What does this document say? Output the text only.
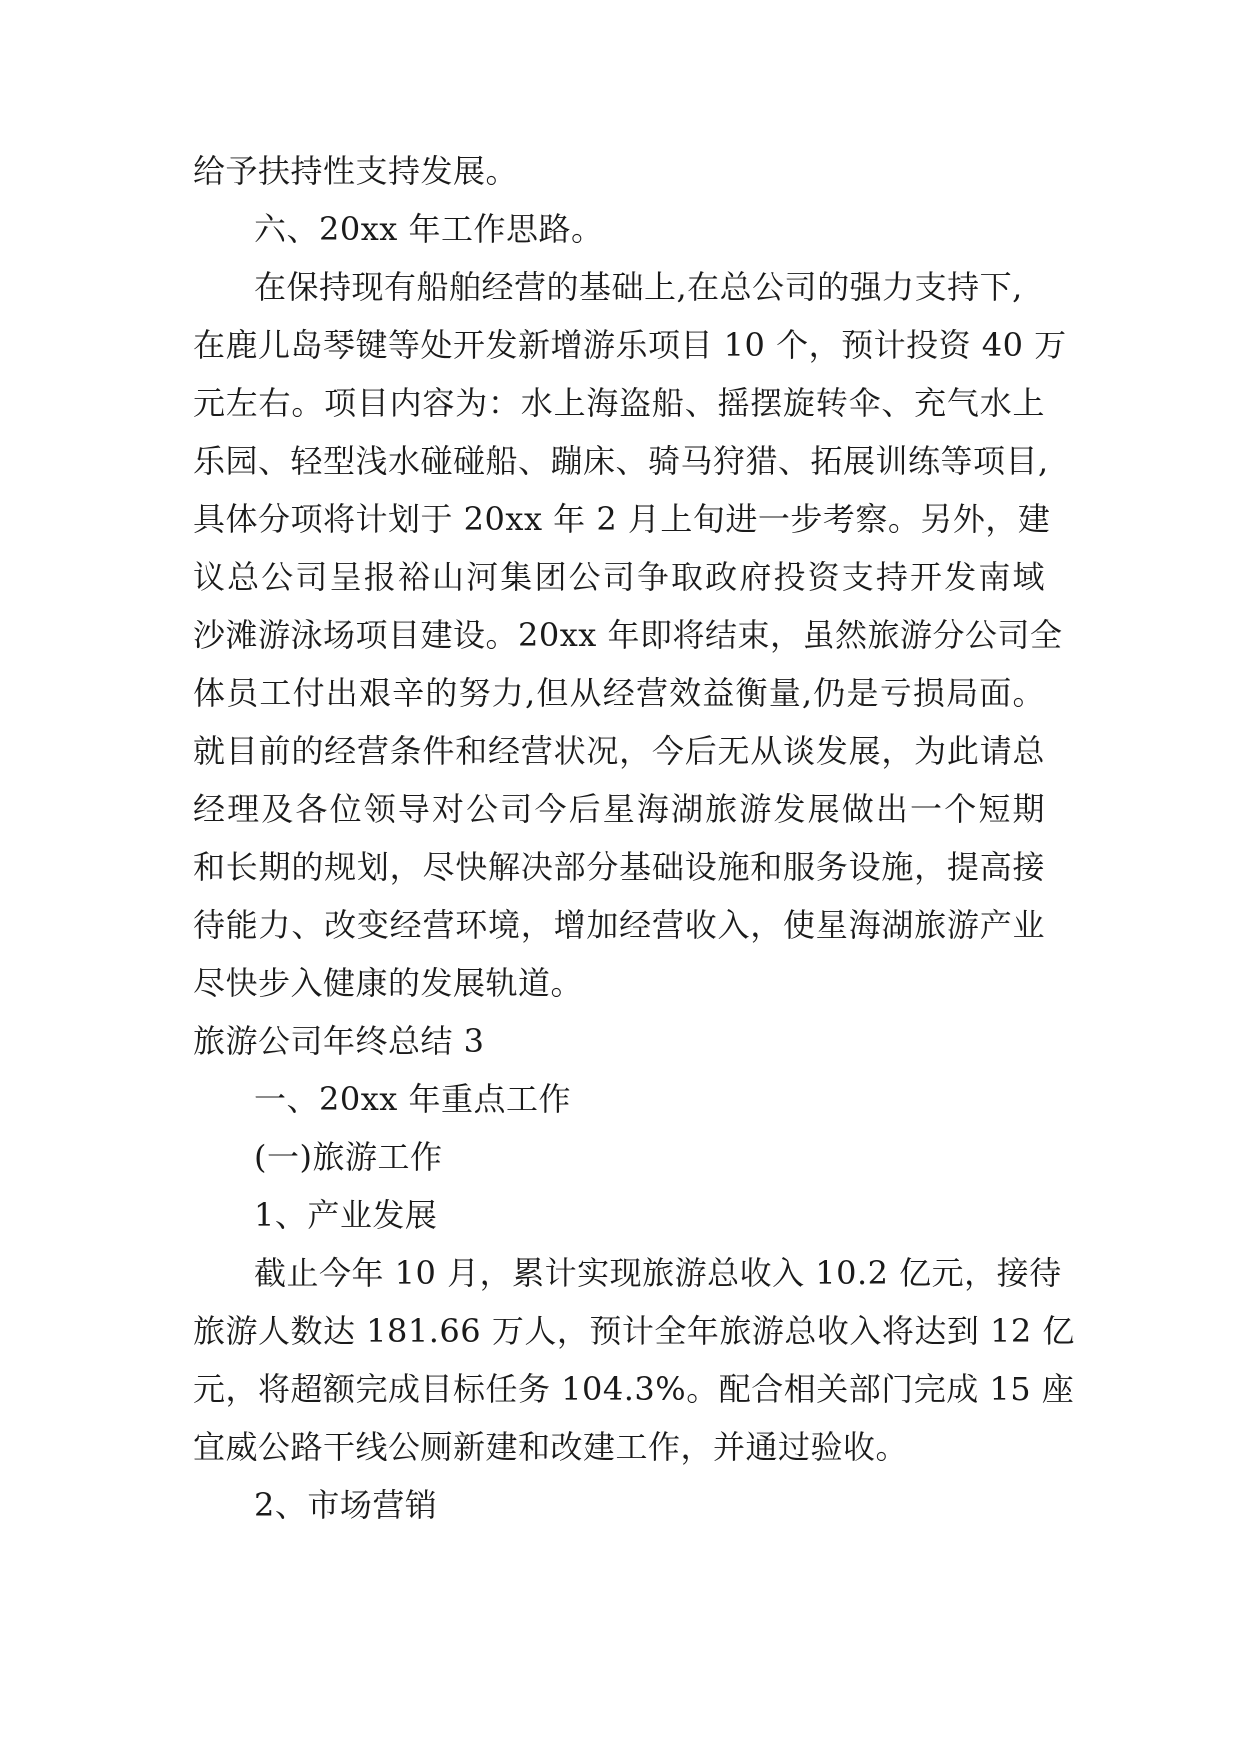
给予扶持性支持发展。
六、20xx 年工作思路。
在保持现有船舶经营的基础上,在总公司的强力支持下,
在鹿儿岛琴键等处开发新增游乐项目 10 个，预计投资 40 万
元左右。项目内容为：水上海盗船、摇摆旋转伞、充气水上
乐园、轻型浅水碰碰船、蹦床、骑马狩猎、拓展训练等项目,
具体分项将计划于 20xx 年 2 月上旬进一步考察。另外，建
议总公司呈报裕山河集团公司争取政府投资支持开发南域
沙滩游泳场项目建设。20xx 年即将结束，虽然旅游分公司全
体员工付出艰辛的努力,但从经营效益衡量,仍是亏损局面。
就目前的经营条件和经营状况，今后无从谈发展，为此请总
经理及各位领导对公司今后星海湖旅游发展做出一个短期
和长期的规划，尽快解决部分基础设施和服务设施，提高接
待能力、改变经营环境，增加经营收入，使星海湖旅游产业
尽快步入健康的发展轨道。
旅游公司年终总结 3
一、20xx 年重点工作
(一)旅游工作
1、产业发展
截止今年 10 月，累计实现旅游总收入 10.2 亿元，接待
旅游人数达 181.66 万人，预计全年旅游总收入将达到 12 亿
元，将超额完成目标任务 104.3%。配合相关部门完成 15 座
宜威公路干线公厕新建和改建工作，并通过验收。
2、市场营销
